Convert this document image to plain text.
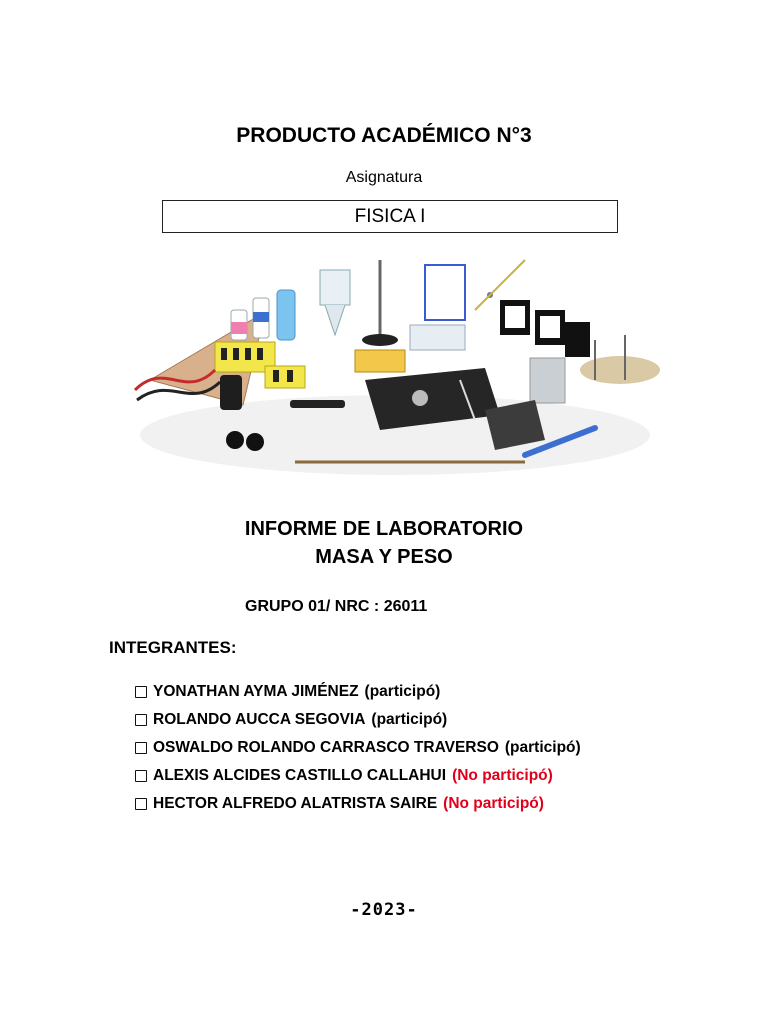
PRODUCTO ACADÉMICO N°3
Asignatura
FISICA I
INFORME DE LABORATORIO
MASA Y PESO
GRUPO 01/ NRC : 26011
INTEGRANTES:
YONATHAN AYMA JIMÉNEZ (participó)
ROLANDO AUCCA SEGOVIA (participó)
OSWALDO ROLANDO CARRASCO TRAVERSO (participó)
ALEXIS ALCIDES CASTILLO CALLAHUI (No participó)
HECTOR ALFREDO ALATRISTA SAIRE (No participó)
-2023-
